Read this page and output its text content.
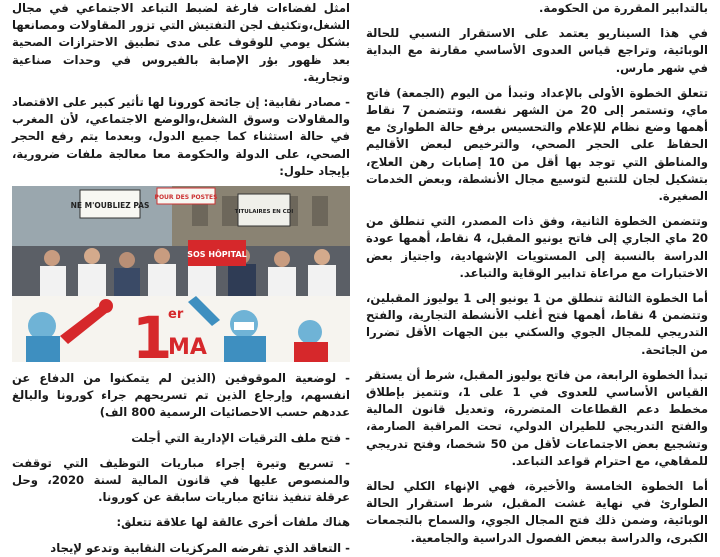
بالتدابير المقررة من الحكومة.

في هذا السيناريو يعتمد على الاستقرار النسبي للحالة الوبائية، وتراجع قياس العدوى الأساسي مقارنة مع البداية في شهر مارس.

تتعلق الخطوة الأولى بالإعداد وتبدأ من اليوم (الجمعة) فاتح ماي، وتستمر إلى 20 من الشهر نفسه، وتتضمن 7 نقاط أهمها وضع نظام للإعلام والتحسيس برفع حالة الطوارئ مع الحفاظ على الحجر الصحي، والترخيص لبعض الأقاليم والمناطق التي توجد بها أقل من 10 إصابات رهن العلاج، بتشكيل لجان للتتبع لتوسيع مجال الأنشطة، وبعض الخدمات الصغيرة.

وتتضمن الخطوة الثانية، وفق ذات المصدر، التي تنطلق من 20 ماي الجاري إلى فاتح يونيو المقبل، 4 نقاط، أهمها عودة الدراسة بالنسبة إلى المستويات الإشهادية، واجتياز بعض الاختبارات مع مراعاة تدابير الوقاية والتباعد.

أما الخطوة الثالثة تنطلق من 1 يونيو إلى 1 يوليوز المقبلين، وتتضمن 4 نقاط، أهمها فتح أغلب الأنشطة التجارية، والفتح التدريجي للمجال الجوي والسكني بين الجهات الأقل تضررا من الجائحة.

تبدأ الخطوة الرابعة، من فاتح يوليوز المقبل، شرط أن يستقر القياس الأساسي للعدوى في 1 على 1، وتتميز بإطلاق مخطط دعم القطاعات المتضررة، وتعديل قانون المالية والفتح التدريجي للطيران الدولي، تحت المراقبة الصارمة، وتشجيع بعض الاجتماعات لأقل من 50 شخصا، وفتح تدريجي للمقاهي، مع احترام قواعد التباعد.

أما الخطوة الخامسة والأخيرة، فهي الإنهاء الكلي لحالة الطوارئ في نهاية غشت المقبل، شرط استقرار الحالة الوبائية، وضمن ذلك فتح المجال الجوي، والسماح بالتجمعات الكبرى، والدراسة ببعض الفصول الدراسية والجامعية.

امثل لفضاءات فارغة لضبط التباعد الاجتماعي في مجال الشغل،وتكثيف لجن التفتيش التي تزور المقاولات ومصانعها بشكل يومي للوقوف على مدى تطبيق الاحترازات الصحية بعد ظهور بؤر الإصابة بالفيروس في وحدات صناعية وتجارية.

- مصادر نقابية: إن جائحة كورونا لها تأثير كبير على الاقتصاد والمقاولات وسوق الشغل،والوضع الاجتماعي، لأن المغرب في حالة استثناء كما جميع الدول، وبعدما يتم رفع الحجر الصحي، على الدولة والحكومة معا معالجة ملفات ضرورية، بإيجاد حلول:

NE M'OUBLIEZ PAS
POUR DES POSTES
TITULAIRES EN CDI
SOS HÔPITAL
1
er
MA

- لوضعية الموقوفين (الذين لم يتمكنوا من الدفاع عن انفسهم، وإرجاع الذين تم تسريحهم جراء كورونا والبالغ عددهم حسب الاحصائيات الرسمية 800 الف)

- فتح ملف الترقيات الإدارية التي أجلت

- تسريع وتيرة إجراء مباريات التوظيف التي توقفت والمنصوص عليها في قانون المالية لسنة 2020، وحل عرقلة تنفيذ نتائج مباريات سابقة عن كورونا.

هناك ملفات أخرى عالقة لها علاقة تتعلق:

- التعاقد الذي تفرضه المركزيات النقابية وتدعو لإيجاد
